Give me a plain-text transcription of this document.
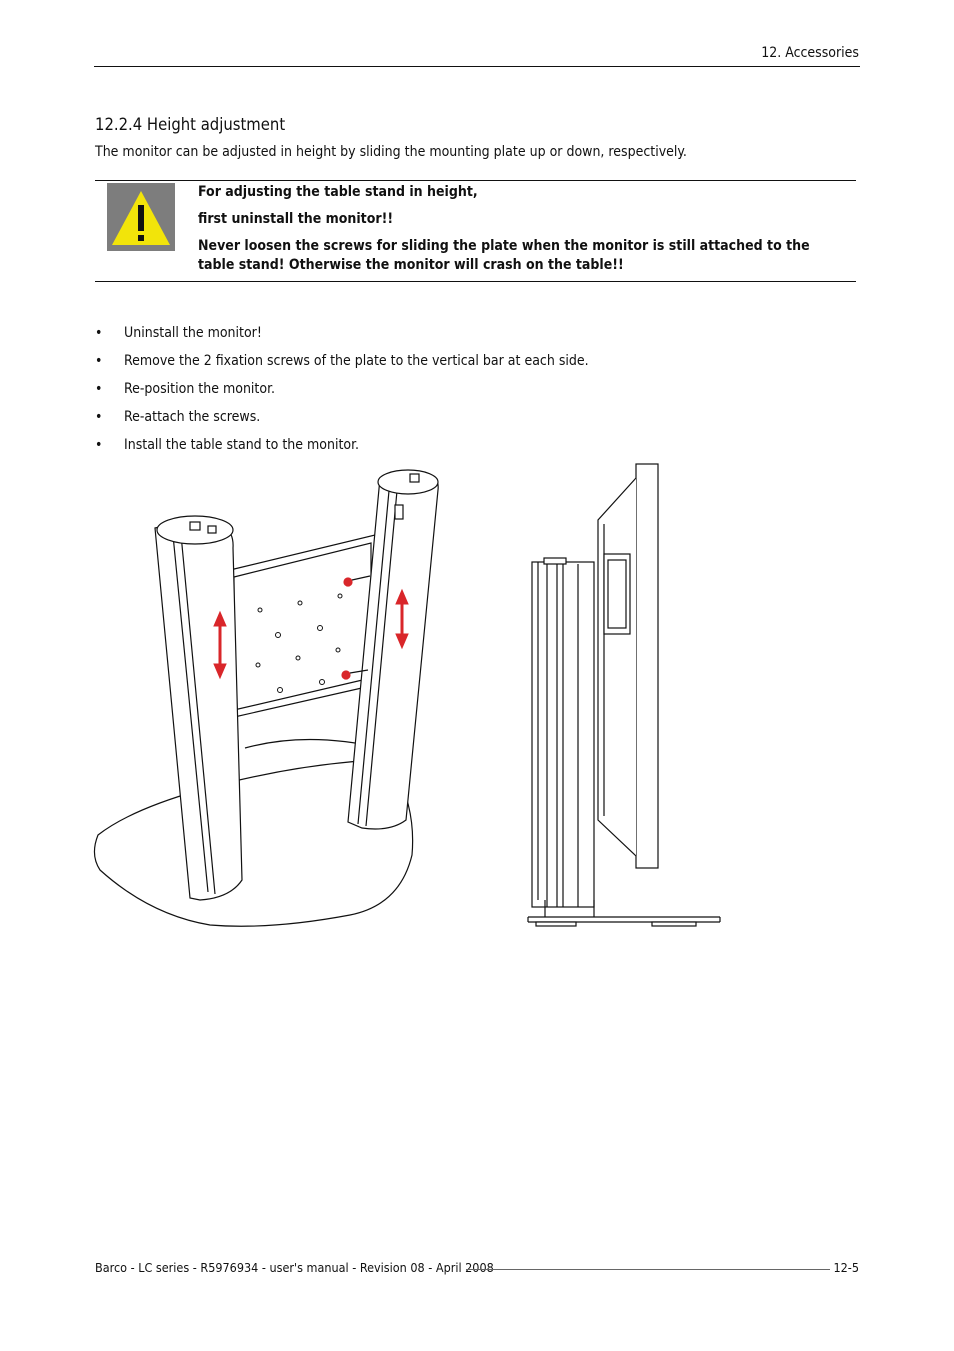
12. Accessories
12.2.4 Height adjustment
The monitor can be adjusted in height by sliding the mounting plate up or down, respectively.

For adjusting the table stand in height,

first uninstall the monitor!!

Never loosen the screws for sliding the plate when the monitor is still attached to the table stand! Otherwise the monitor will crash on the table!!

• Uninstall the monitor!
• Remove the 2 fixation screws of the plate to the vertical bar at each side.
• Re-position the monitor.
• Re-attach the screws.
• Install the table stand to the monitor.
Barco - LC series - R5976934 - user's manual - Revision 08 - April 2008	12-5
